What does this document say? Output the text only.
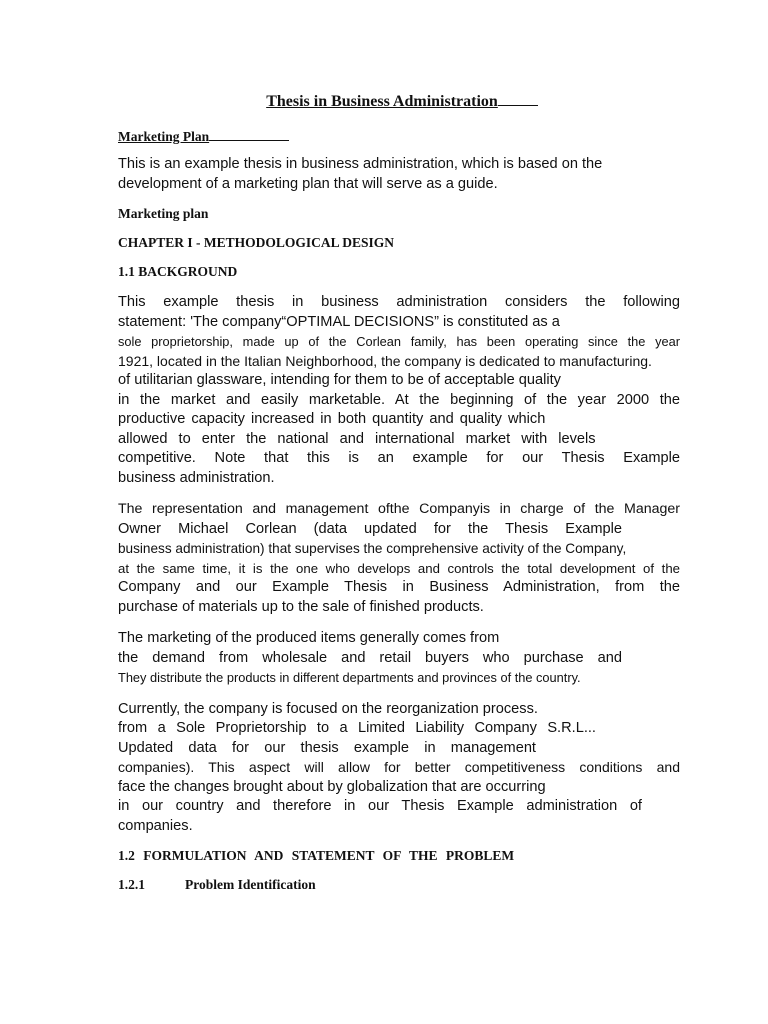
Thesis in Business Administration
Marketing Plan
This is an example thesis in business administration, which is based on the
development of a marketing plan that will serve as a guide.
Marketing plan
CHAPTER I - METHODOLOGICAL DESIGN
1.1 BACKGROUND
This example thesis in business administration considers the following
statement: 'The company“OPTIMAL DECISIONS” is constituted as a
sole proprietorship, made up of the Corlean family, has been operating since the year
1921, located in the Italian Neighborhood, the company is dedicated to manufacturing.
of utilitarian glassware, intending for them to be of acceptable quality
in the market and easily marketable. At the beginning of the year 2000 the
productive capacity increased in both quantity and quality which
allowed to enter the national and international market with levels
competitive. Note that this is an example for our Thesis Example
business administration.
The representation and management ofthe Companyis in charge of the Manager
Owner Michael Corlean (data updated for the Thesis Example
business administration) that supervises the comprehensive activity of the Company,
at the same time, it is the one who develops and controls the total development of the
Company and our Example Thesis in Business Administration, from the
purchase of materials up to the sale of finished products.
The marketing of the produced items generally comes from
the demand from wholesale and retail buyers who purchase and
They distribute the products in different departments and provinces of the country.
Currently, the company is focused on the reorganization process.
from a Sole Proprietorship to a Limited Liability Company S.R.L...
Updated data for our thesis example in management
companies). This aspect will allow for better competitiveness conditions and
face the changes brought about by globalization that are occurring
in our country and therefore in our Thesis Example administration of
companies.
1.2 FORMULATION AND STATEMENT OF THE PROBLEM
1.2.1	Problem Identification
